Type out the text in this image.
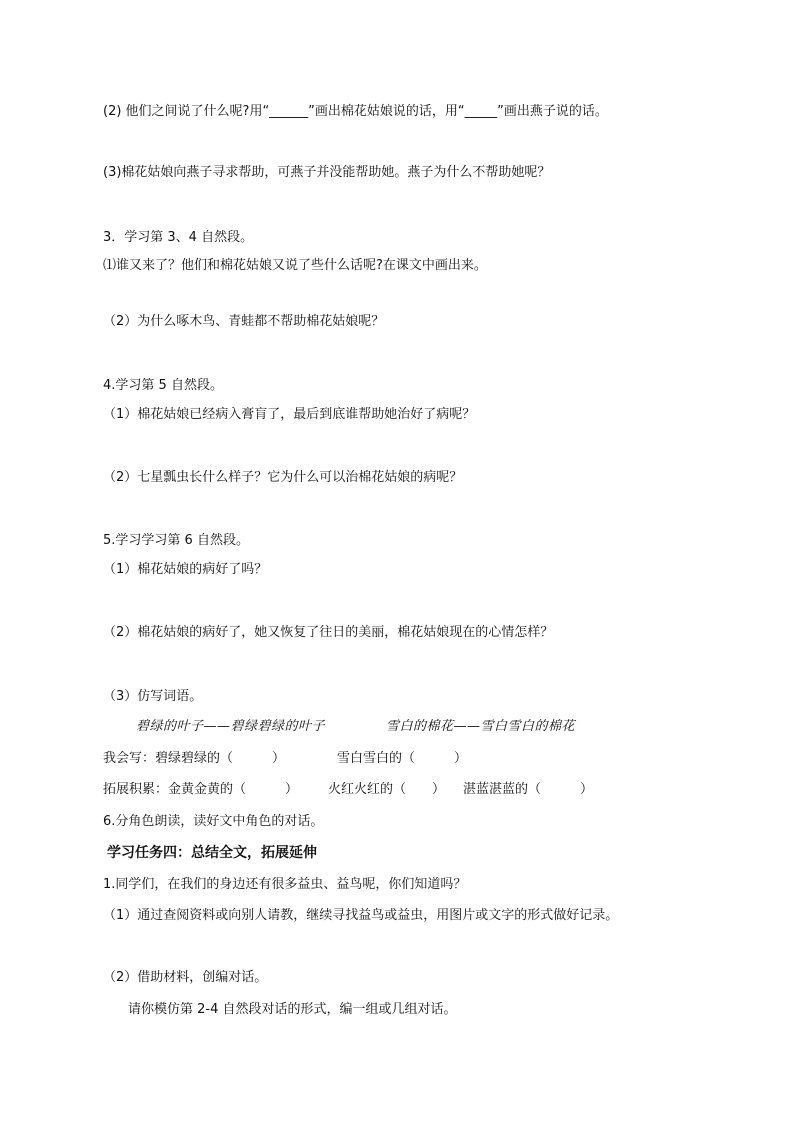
(2) 他们之间说了什么呢?用“______”画出棉花姑娘说的话，用“_____”画出燕子说的话。
(3)棉花姑娘向燕子寻求帮助，可燕子并没能帮助她。燕子为什么不帮助她呢？
3．学习第 3、4 自然段。
⑴谁又来了？他们和棉花姑娘又说了些什么话呢?在课文中画出来。
（2）为什么啄木鸟、青蛙都不帮助棉花姑娘呢？
4.学习第 5 自然段。
（1）棉花姑娘已经病入膏肓了，最后到底谁帮助她治好了病呢？
（2）七星瓢虫长什么样子？它为什么可以治棉花姑娘的病呢？
5.学习学习第 6 自然段。
（1）棉花姑娘的病好了吗？
（2）棉花姑娘的病好了，她又恢复了往日的美丽，棉花姑娘现在的心情怎样？
（3）仿写词语。
碧绿的叶子——碧绿碧绿的叶子	雪白的棉花——雪白雪白的棉花
我会写：碧绿碧绿的（　　　）	雪白雪白的（　　　）
拓展积累：金黄金黄的（　　　） 火红火红的（　　） 湛蓝湛蓝的（　　　）
6.分角色朗读，读好文中角色的对话。
学习任务四：总结全文，拓展延伸
1.同学们，在我们的身边还有很多益虫、益鸟呢，你们知道吗？
（1）通过查阅资料或向别人请教，继续寻找益鸟或益虫，用图片或文字的形式做好记录。
（2）借助材料，创编对话。
请你模仿第 2-4 自然段对话的形式，编一组或几组对话。
